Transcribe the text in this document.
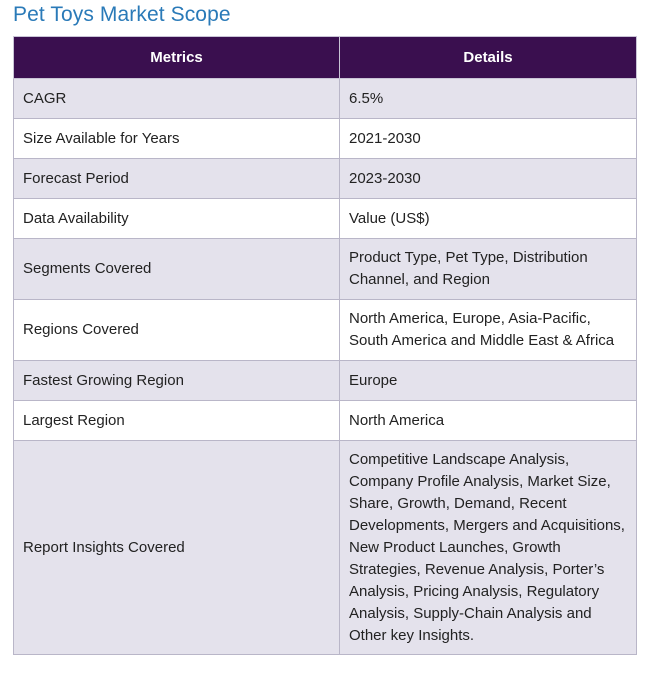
Pet Toys Market Scope
Metrics	Details
CAGR	6.5%
Size Available for Years	2021-2030
Forecast Period	2023-2030
Data Availability	Value (US$)
Segments Covered	Product Type, Pet Type, Distribution Channel, and Region
Regions Covered	North America, Europe, Asia-Pacific, South America and Middle East & Africa
Fastest Growing Region	Europe
Largest Region	North America
Report Insights Covered	Competitive Landscape Analysis, Company Profile Analysis, Market Size, Share, Growth, Demand, Recent Developments, Mergers and Acquisitions, New Product Launches, Growth Strategies, Revenue Analysis, Porter’s Analysis, Pricing Analysis, Regulatory Analysis, Supply-Chain Analysis and Other key Insights.
